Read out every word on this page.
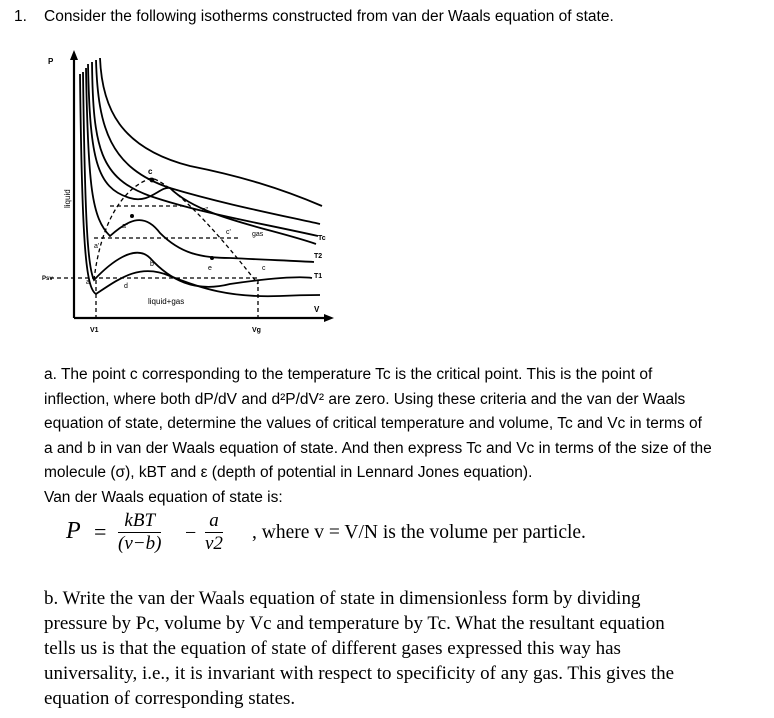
1. Consider the following isotherms constructed from van der Waals equation of state.
P
V
Psv
V1	Vg
liquid
gas
liquid+gas
Tc
T2
T1
c
c"
c'
a"
a'
a
b
d
e	c

a. The point c corresponding to the temperature Tc is the critical point. This is the point of

inflection, where both dP/dV and d²P/dV² are zero. Using these criteria and the van der Waals

equation of state, determine the values of critical temperature and volume, Tc and Vc in terms of

a and b in van der Waals equation of state. And then express Tc and Vc in terms of the size of the

molecule (σ), kBT and ε (depth of potential in Lennard Jones equation).

Van der Waals equation of state is:

P = kBT
$(v-b) - \frac{a}{v2}$ , where v = V/N is the volume per particle.

b. Write the van der Waals equation of state in dimensionless form by dividing

pressure by Pc, volume by Vc and temperature by Tc. What the resultant equation

tells us is that the equation of state of different gases expressed this way has

universality, i.e., it is invariant with respect to specificity of any gas. This gives the

equation of corresponding states.
